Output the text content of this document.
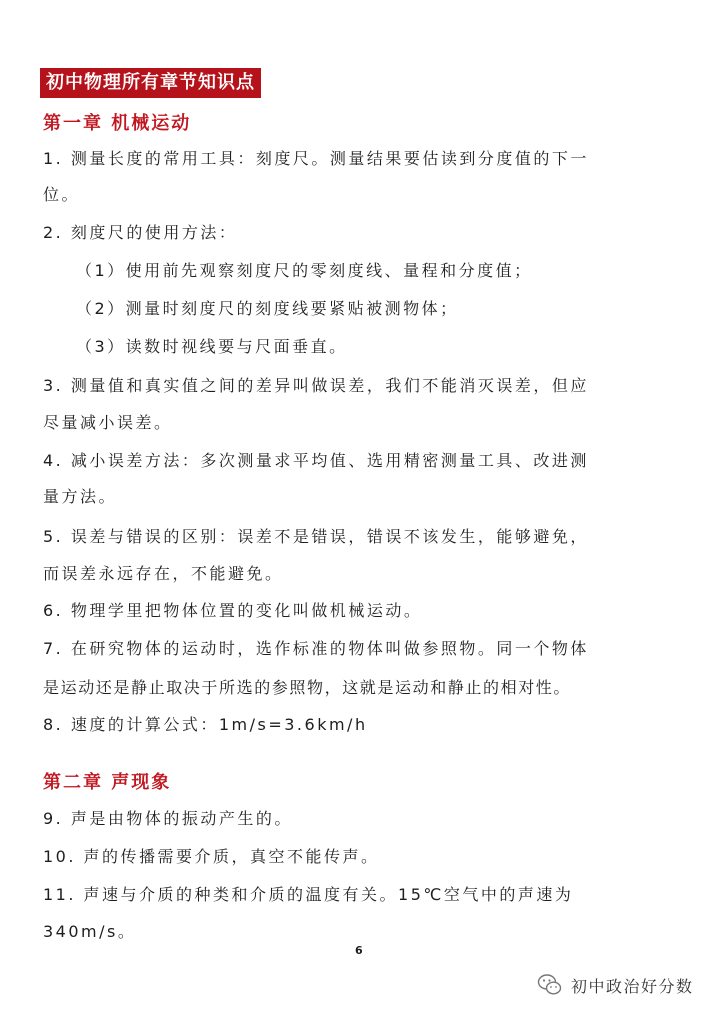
初中物理所有章节知识点
第一章 机械运动
1. 测量长度的常用工具：刻度尺。测量结果要估读到分度值的下一
位。
2. 刻度尺的使用方法：
（1）使用前先观察刻度尺的零刻度线、量程和分度值；
（2）测量时刻度尺的刻度线要紧贴被测物体；
（3）读数时视线要与尺面垂直。
3. 测量值和真实值之间的差异叫做误差，我们不能消灭误差，但应
尽量减小误差。
4. 减小误差方法：多次测量求平均值、选用精密测量工具、改进测
量方法。
5. 误差与错误的区别：误差不是错误，错误不该发生，能够避免，
而误差永远存在，不能避免。
6. 物理学里把物体位置的变化叫做机械运动。
7. 在研究物体的运动时，选作标准的物体叫做参照物。同一个物体
是运动还是静止取决于所选的参照物，这就是运动和静止的相对性。
8. 速度的计算公式：1m/s=3.6km/h
第二章 声现象
9. 声是由物体的振动产生的。
10. 声的传播需要介质，真空不能传声。
11. 声速与介质的种类和介质的温度有关。15℃空气中的声速为
340m/s。
6
初中政治好分数
